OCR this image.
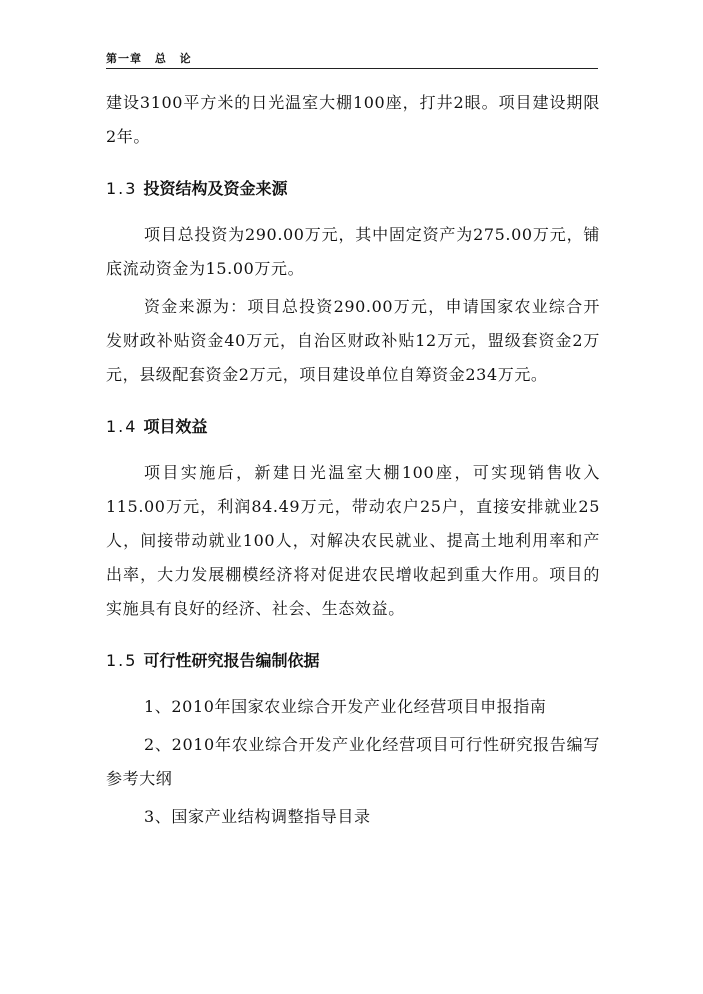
第一章 总 论

建设3100平方米的日光温室大棚100座，打井2眼。项目建设期限2年。

1.3 投资结构及资金来源

项目总投资为290.00万元，其中固定资产为275.00万元，铺底流动资金为15.00万元。

资金来源为：项目总投资290.00万元，申请国家农业综合开发财政补贴资金40万元，自治区财政补贴12万元，盟级套资金2万元，县级配套资金2万元，项目建设单位自筹资金234万元。

1.4 项目效益

项目实施后，新建日光温室大棚100座，可实现销售收入115.00万元，利润84.49万元，带动农户25户，直接安排就业25人，间接带动就业100人，对解决农民就业、提高土地利用率和产出率，大力发展棚模经济将对促进农民增收起到重大作用。项目的实施具有良好的经济、社会、生态效益。

1.5 可行性研究报告编制依据

1、2010年国家农业综合开发产业化经营项目申报指南

2、2010年农业综合开发产业化经营项目可行性研究报告编写参考大纲

3、国家产业结构调整指导目录
